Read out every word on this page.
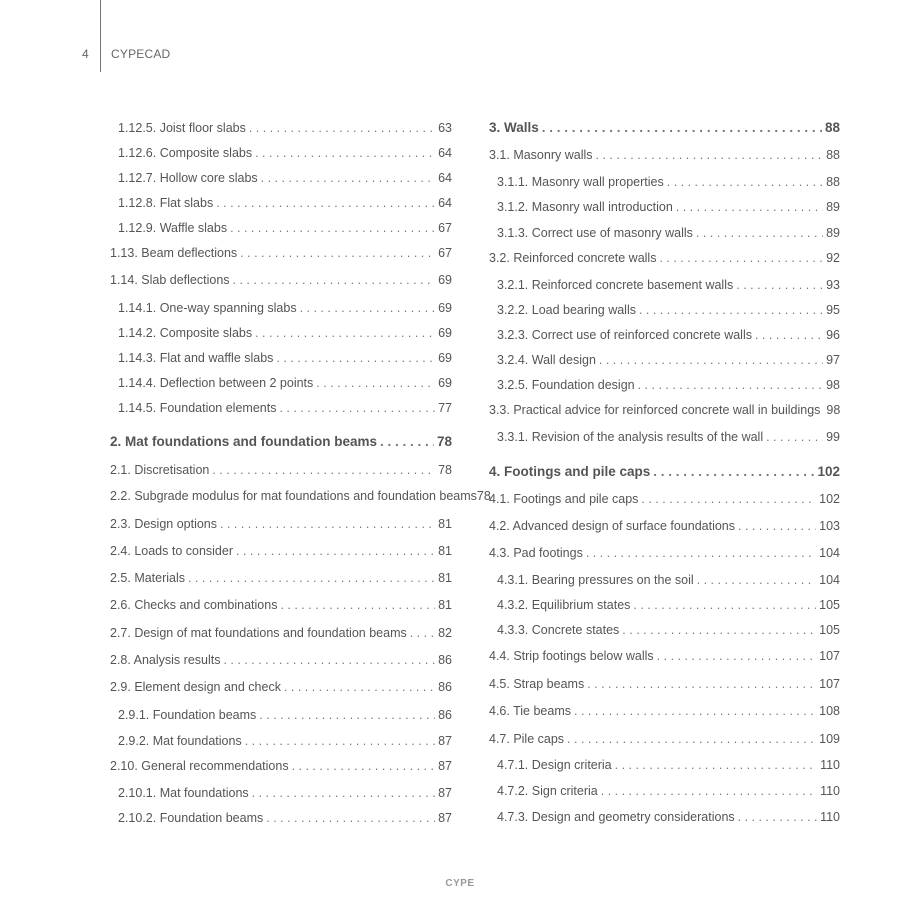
4 CYPECAD
1.12.5. Joist floor slabs . . .	63
1.12.6. Composite slabs . . .	64
1.12.7. Hollow core slabs . . .	64
1.12.8. Flat slabs . . .	64
1.12.9. Waffle slabs . . .	67
1.13. Beam deflections . . .	67
1.14. Slab deflections . . .	69
1.14.1. One-way spanning slabs . . .	69
1.14.2. Composite slabs . . .	69
1.14.3. Flat and waffle slabs . . .	69
1.14.4. Deflection between 2 points . . .	69
1.14.5. Foundation elements . . .	77
2. Mat foundations and foundation beams . . .	78
2.1. Discretisation . . .	78
2.2. Subgrade modulus for mat foundations and foundation beams 78
2.3. Design options . . .	81
2.4. Loads to consider . . .	81
2.5. Materials . . .	81
2.6. Checks and combinations . . .	81
2.7. Design of mat foundations and foundation beams . . .	82
2.8. Analysis results . . .	86
2.9. Element design and check . . .	86
2.9.1. Foundation beams . . .	86
2.9.2. Mat foundations . . .	87
2.10. General recommendations . . .	87
2.10.1. Mat foundations . . .	87
2.10.2. Foundation beams . . .	87
3. Walls . . .	88
3.1. Masonry walls . . .	88
3.1.1. Masonry wall properties . . .	88
3.1.2. Masonry wall introduction . . .	89
3.1.3. Correct use of masonry walls . . .	89
3.2. Reinforced concrete walls . . .	92
3.2.1. Reinforced concrete basement walls . . .	93
3.2.2. Load bearing walls . . .	95
3.2.3. Correct use of reinforced concrete walls . . .	96
3.2.4. Wall design . . .	97
3.2.5. Foundation design . . .	98
3.3. Practical advice for reinforced concrete wall in buildings 98
3.3.1. Revision of the analysis results of the wall . . .	99
4. Footings and pile caps . . .	102
4.1. Footings and pile caps . . .	102
4.2. Advanced design of surface foundations . . .	103
4.3. Pad footings . . .	104
4.3.1. Bearing pressures on the soil . . .	104
4.3.2. Equilibrium states . . .	105
4.3.3. Concrete states . . .	105
4.4. Strip footings below walls . . .	107
4.5. Strap beams . . .	107
4.6. Tie beams . . .	108
4.7. Pile caps . . .	109
4.7.1. Design criteria . . .	110
4.7.2. Sign criteria . . .	110
4.7.3. Design and geometry considerations . . .	110
CYPE
